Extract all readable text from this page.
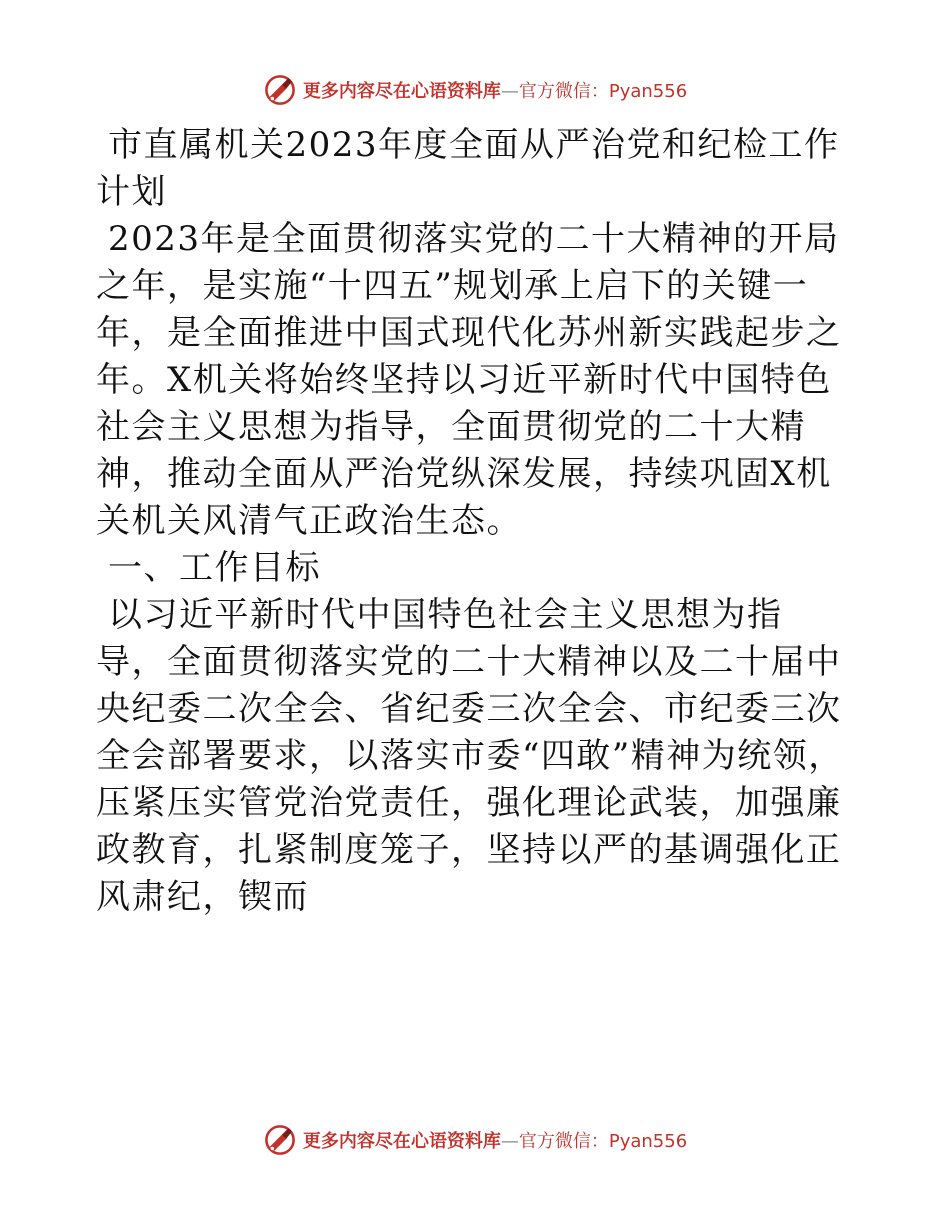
更多内容尽在心语资料库—官方微信：Pyan556

市直属机关2023年度全面从严治党和纪检工作计划

2023年是全面贯彻落实党的二十大精神的开局之年，是实施“十四五”规划承上启下的关键一年，是全面推进中国式现代化苏州新实践起步之年。X机关将始终坚持以习近平新时代中国特色社会主义思想为指导，全面贯彻党的二十大精神，推动全面从严治党纵深发展，持续巩固X机关机关风清气正政治生态。

一、工作目标

以习近平新时代中国特色社会主义思想为指导，全面贯彻落实党的二十大精神以及二十届中央纪委二次全会、省纪委三次全会、市纪委三次全会部署要求，以落实市委“四敢”精神为统领，压紧压实管党治党责任，强化理论武装，加强廉政教育，扎紧制度笼子，坚持以严的基调强化正风肃纪，锲而

更多内容尽在心语资料库—官方微信：Pyan556
